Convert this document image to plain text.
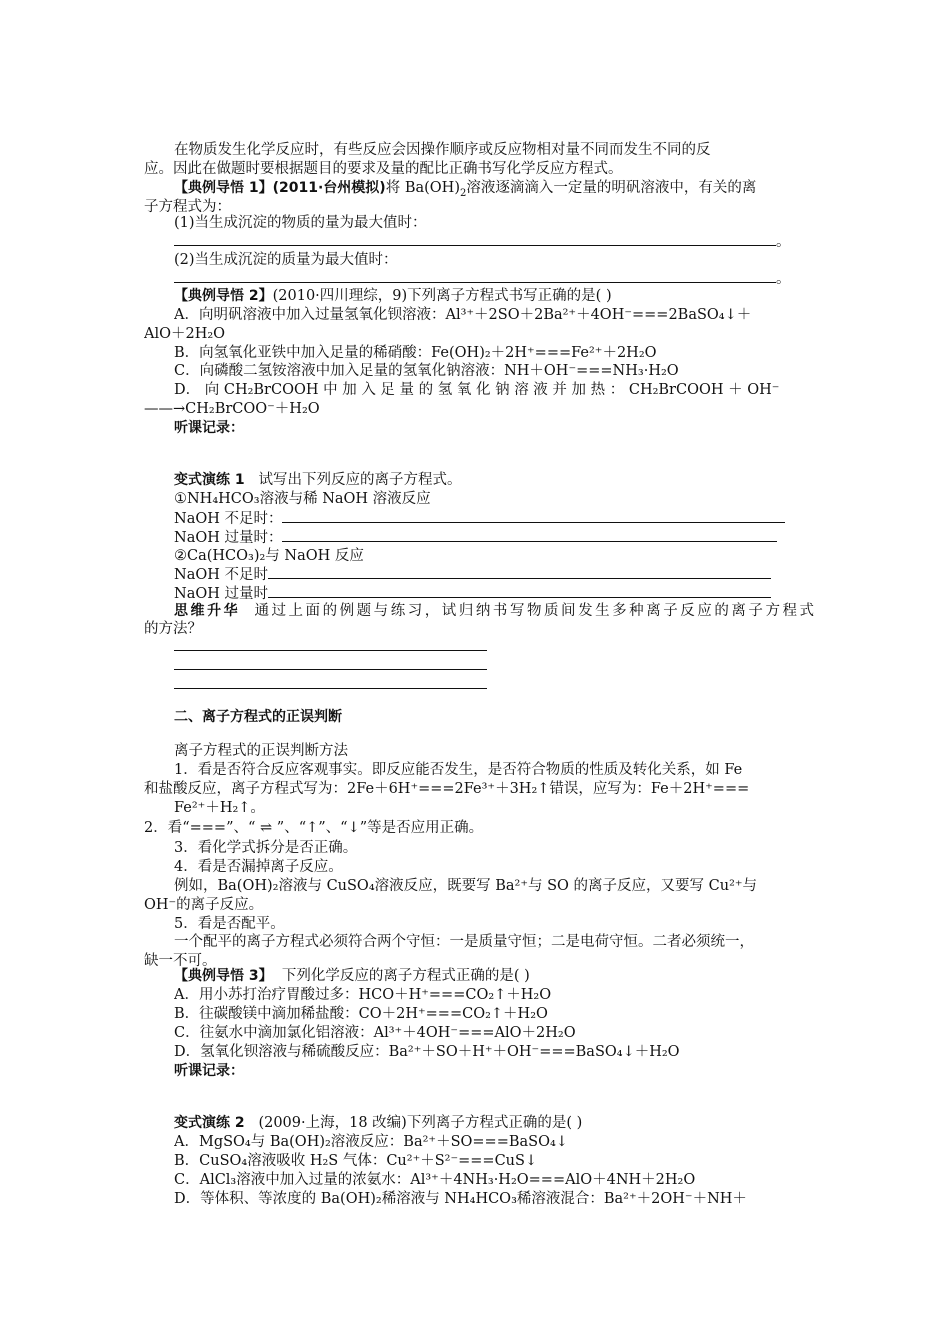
在物质发生化学反应时，有些反应会因操作顺序或反应物相对量不同而发生不同的反
应。因此在做题时要根据题目的要求及量的配比正确书写化学反应方程式。
【典例导悟 1】(2011·台州模拟)将 $Ba(OH)_2$溶液逐滴滴入一定量的明矾溶液中，有关的离
子方程式为：
(1)当生成沉淀的物质的量为最大值时：
。
(2)当生成沉淀的质量为最大值时：
。
【典例导悟 2】(2010·四川理综，9)下列离子方程式书写正确的是( )
A．向明矾溶液中加入过量氢氧化钡溶液：Al³⁺＋2SO＋2Ba²⁺＋4OH⁻===2BaSO₄↓＋
AlO＋2H₂O
B．向氢氧化亚铁中加入足量的稀硝酸：Fe(OH)₂＋2H⁺===Fe²⁺＋2H₂O
C．向磷酸二氢铵溶液中加入足量的氢氧化钠溶液：NH＋OH⁻===NH₃·H₂O
D． 向 CH₂BrCOOH 中 加 入 足 量 的 氢 氧 化 钠 溶 液 并 加 热 ： CH₂BrCOOH ＋ OH⁻
——→CH₂BrCOO⁻＋H₂O
听课记录：
变式演练 1 试写出下列反应的离子方程式。
①NH₄HCO₃溶液与稀 NaOH 溶液反应
NaOH 不足时：
NaOH 过量时：
②Ca(HCO₃)₂与 NaOH 反应
NaOH 不足时
NaOH 过量时
思维升华 通过上面的例题与练习，试归纳书写物质间发生多种离子反应的离子方程式
的方法？
二、离子方程式的正误判断
离子方程式的正误判断方法
1．看是否符合反应客观事实。即反应能否发生，是否符合物质的性质及转化关系，如 Fe
和盐酸反应，离子方程式写为：2Fe＋6H⁺===2Fe³⁺＋3H₂↑错误，应写为：Fe＋2H⁺===
Fe²⁺＋H₂↑。
2．看“===”、“ ⇌ ”、“↑”、“↓”等是否应用正确。
3．看化学式拆分是否正确。
4．看是否漏掉离子反应。
例如，Ba(OH)₂溶液与 CuSO₄溶液反应，既要写 Ba²⁺与 SO 的离子反应，又要写 Cu²⁺与
OH⁻的离子反应。
5．看是否配平。
一个配平的离子方程式必须符合两个守恒：一是质量守恒；二是电荷守恒。二者必须统一，
缺一不可。
【典例导悟 3】 下列化学反应的离子方程式正确的是( )
A．用小苏打治疗胃酸过多：HCO＋H⁺===CO₂↑＋H₂O
B．往碳酸镁中滴加稀盐酸：CO＋2H⁺===CO₂↑＋H₂O
C．往氨水中滴加氯化铝溶液：Al³⁺＋4OH⁻===AlO＋2H₂O
D．氢氧化钡溶液与稀硫酸反应：Ba²⁺＋SO＋H⁺＋OH⁻===BaSO₄↓＋H₂O
听课记录：
变式演练 2 (2009·上海，18 改编)下列离子方程式正确的是( )
A．MgSO₄与 Ba(OH)₂溶液反应：Ba²⁺＋SO===BaSO₄↓
B．CuSO₄溶液吸收 H₂S 气体：Cu²⁺＋S²⁻===CuS↓
C．AlCl₃溶液中加入过量的浓氨水：Al³⁺＋4NH₃·H₂O===AlO＋4NH＋2H₂O
D．等体积、等浓度的 Ba(OH)₂稀溶液与 NH₄HCO₃稀溶液混合：Ba²⁺＋2OH⁻＋NH＋
